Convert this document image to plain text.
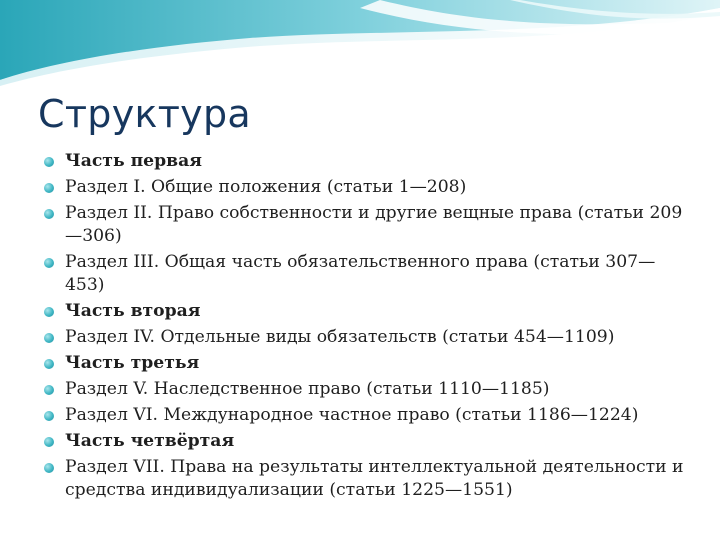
Структура
Часть первая
Раздел I. Общие положения (статьи 1—208)
Раздел II. Право собственности и другие вещные права (статьи 209—306)
Раздел III. Общая часть обязательственного права (статьи 307—453)
Часть вторая
Раздел IV. Отдельные виды обязательств (статьи 454—1109)
Часть третья
Раздел V. Наследственное право (статьи 1110—1185)
Раздел VI. Международное частное право (статьи 1186—1224)
Часть четвёртая
Раздел VII. Права на результаты интеллектуальной деятельности и средства индивидуализации (статьи 1225—1551)
